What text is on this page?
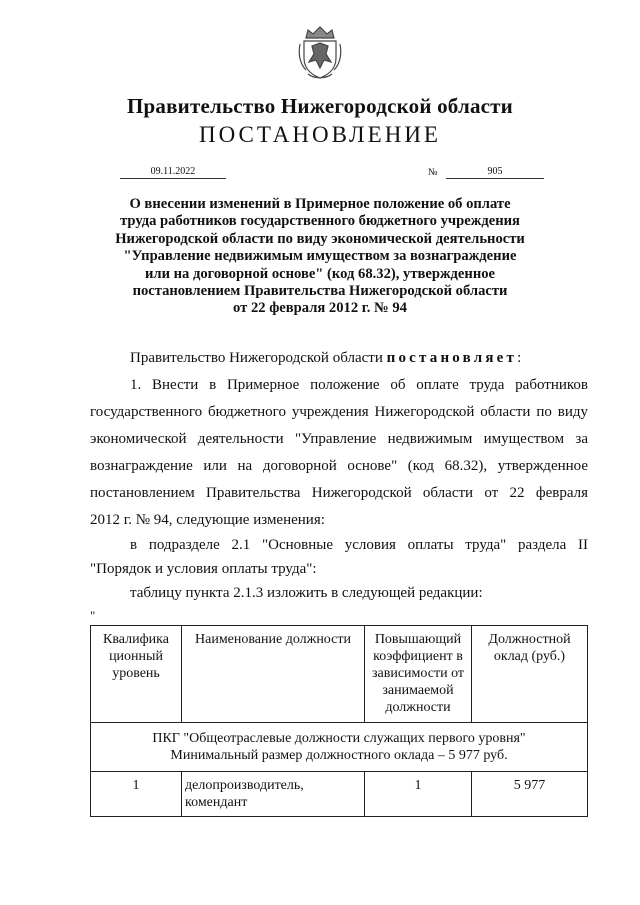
Правительство Нижегородской области
ПОСТАНОВЛЕНИЕ
09.11.2022	№	905
О внесении изменений в Примерное положение об оплате
труда работников государственного бюджетного учреждения
Нижегородской области по виду экономической деятельности
"Управление недвижимым имуществом за вознаграждение
или на договорной основе" (код 68.32), утвержденное
постановлением Правительства Нижегородской области
от 22 февраля 2012 г. № 94
Правительство Нижегородской области постановляет:
1. Внести в Примерное положение об оплате труда работников
государственного бюджетного учреждения Нижегородской области по виду
экономической деятельности "Управление недвижимым имуществом за
вознаграждение или на договорной основе" (код 68.32), утвержденное
постановлением Правительства Нижегородской области от 22 февраля
2012 г. № 94, следующие изменения:
в подразделе 2.1 "Основные условия оплаты труда" раздела II
"Порядок и условия оплаты труда":
таблицу пункта 2.1.3 изложить в следующей редакции:
"
Квалифика ционный уровень	Наименование должности	Повышающий коэффициент в зависимости от занимаемой должности	Должностной оклад (руб.)

ПКГ "Общеотраслевые должности служащих первого уровня"
Минимальный размер должностного оклада – 5 977 руб.			

1	делопроизводитель, комендант	1	5 977
